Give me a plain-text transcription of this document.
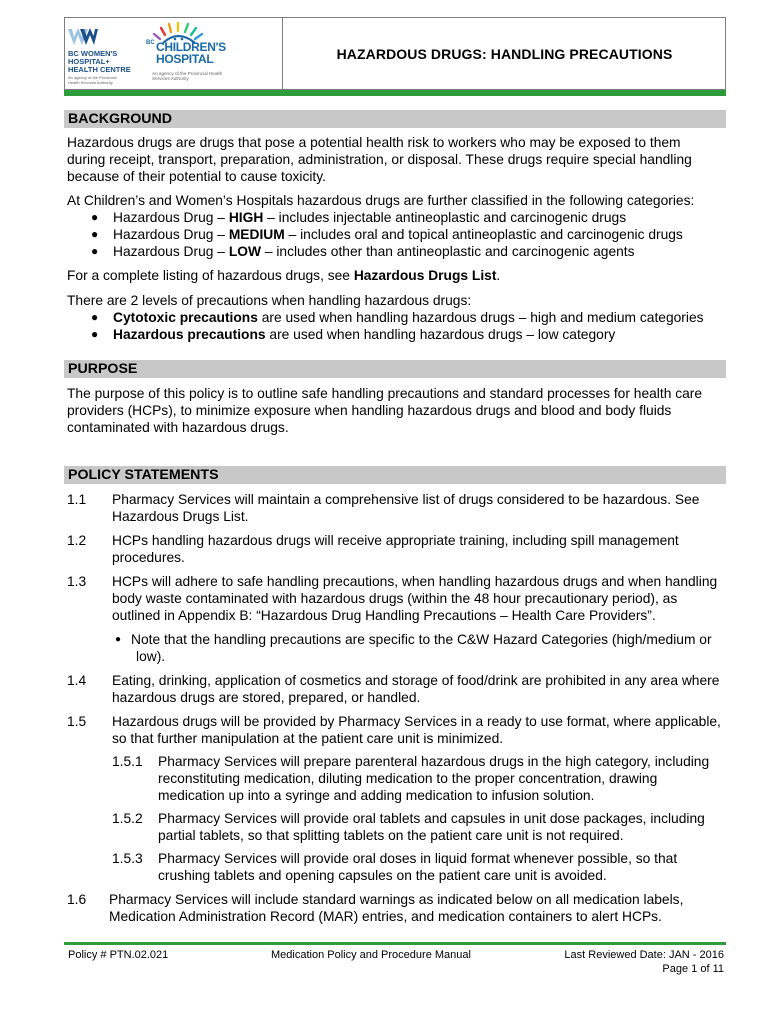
BC WOMEN'S
HOSPITAL+
HEALTH CENTRE
An agency of the Provincial Health Services Authority
BC CHILDREN'S
HOSPITAL
An agency of the Provincial Health Services Authority
HAZARDOUS DRUGS: HANDLING PRECAUTIONS
BACKGROUND
Hazardous drugs are drugs that pose a potential health risk to workers who may be exposed to them
during receipt, transport, preparation, administration, or disposal. These drugs require special handling
because of their potential to cause toxicity.
At Children’s and Women’s Hospitals hazardous drugs are further classified in the following categories:
● Hazardous Drug – HIGH – includes injectable antineoplastic and carcinogenic drugs
● Hazardous Drug – MEDIUM – includes oral and topical antineoplastic and carcinogenic drugs
● Hazardous Drug – LOW – includes other than antineoplastic and carcinogenic agents
For a complete listing of hazardous drugs, see Hazardous Drugs List.
There are 2 levels of precautions when handling hazardous drugs:
● Cytotoxic precautions are used when handling hazardous drugs – high and medium categories
● Hazardous precautions are used when handling hazardous drugs – low category
PURPOSE
The purpose of this policy is to outline safe handling precautions and standard processes for health care
providers (HCPs), to minimize exposure when handling hazardous drugs and blood and body fluids
contaminated with hazardous drugs.
POLICY STATEMENTS
1.1 Pharmacy Services will maintain a comprehensive list of drugs considered to be hazardous. See
Hazardous Drugs List.
1.2 HCPs handling hazardous drugs will receive appropriate training, including spill management
procedures.
1.3 HCPs will adhere to safe handling precautions, when handling hazardous drugs and when handling
body waste contaminated with hazardous drugs (within the 48 hour precautionary period), as
outlined in Appendix B: “Hazardous Drug Handling Precautions – Health Care Providers”.
● Note that the handling precautions are specific to the C&W Hazard Categories (high/medium or
low).
1.4 Eating, drinking, application of cosmetics and storage of food/drink are prohibited in any area where
hazardous drugs are stored, prepared, or handled.
1.5 Hazardous drugs will be provided by Pharmacy Services in a ready to use format, where applicable,
so that further manipulation at the patient care unit is minimized.
1.5.1 Pharmacy Services will prepare parenteral hazardous drugs in the high category, including
reconstituting medication, diluting medication to the proper concentration, drawing
medication up into a syringe and adding medication to infusion solution.
1.5.2 Pharmacy Services will provide oral tablets and capsules in unit dose packages, including
partial tablets, so that splitting tablets on the patient care unit is not required.
1.5.3 Pharmacy Services will provide oral doses in liquid format whenever possible, so that
crushing tablets and opening capsules on the patient care unit is avoided.
1.6 Pharmacy Services will include standard warnings as indicated below on all medication labels,
Medication Administration Record (MAR) entries, and medication containers to alert HCPs.
Policy # PTN.02.021	Medication Policy and Procedure Manual	Last Reviewed Date: JAN - 2016
Page 1 of 11
